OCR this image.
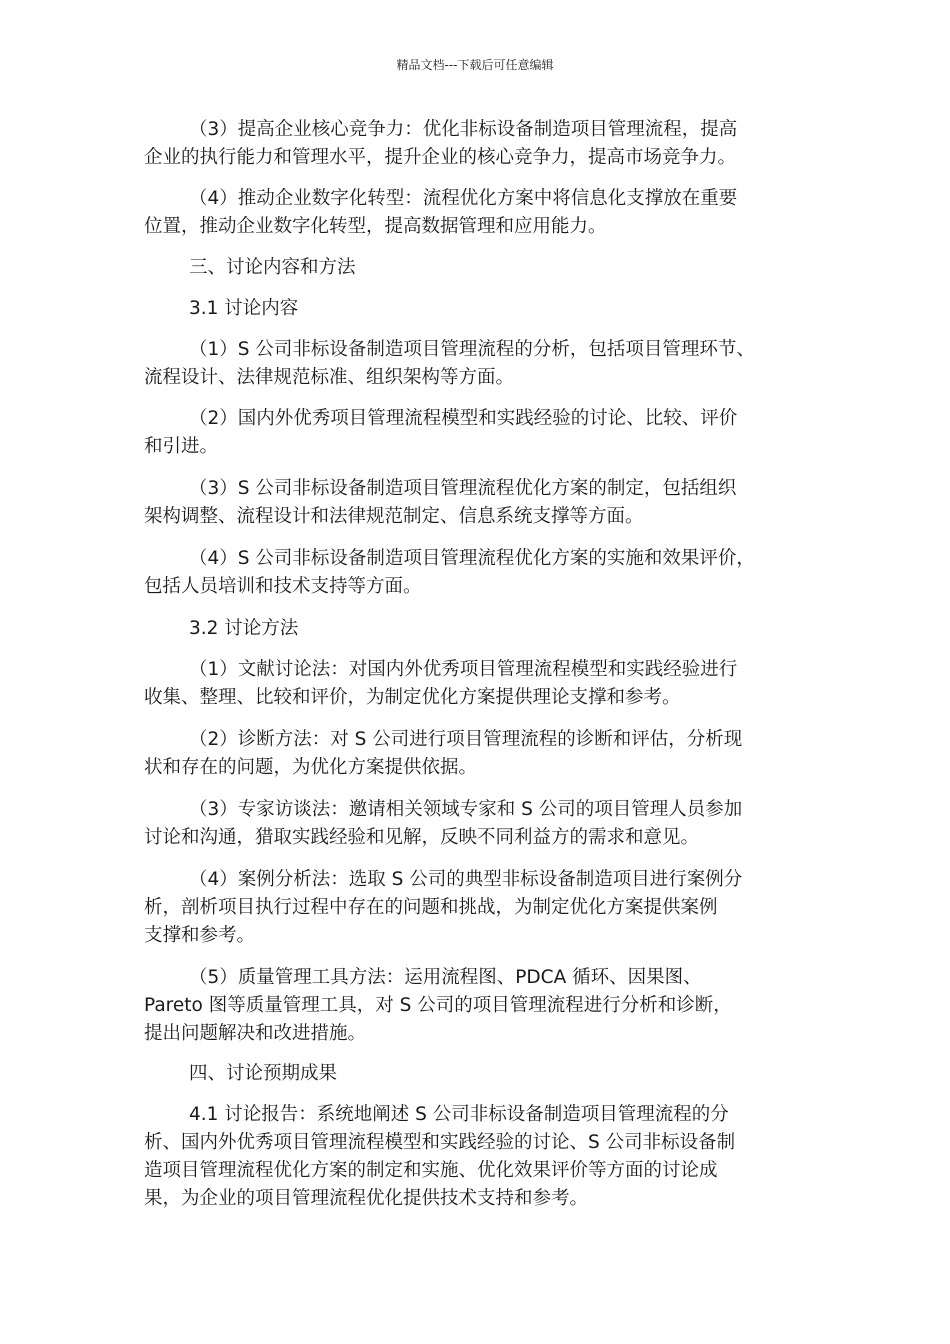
精品文档---下载后可任意编辑
（3）提高企业核心竞争力：优化非标设备制造项目管理流程，提高
企业的执行能力和管理水平，提升企业的核心竞争力，提高市场竞争力。
（4）推动企业数字化转型：流程优化方案中将信息化支撑放在重要
位置，推动企业数字化转型，提高数据管理和应用能力。
三、讨论内容和方法
3.1 讨论内容
（1）S 公司非标设备制造项目管理流程的分析，包括项目管理环节、
流程设计、法律规范标准、组织架构等方面。
（2）国内外优秀项目管理流程模型和实践经验的讨论、比较、评价
和引进。
（3）S 公司非标设备制造项目管理流程优化方案的制定，包括组织
架构调整、流程设计和法律规范制定、信息系统支撑等方面。
（4）S 公司非标设备制造项目管理流程优化方案的实施和效果评价，
包括人员培训和技术支持等方面。
3.2 讨论方法
（1）文献讨论法：对国内外优秀项目管理流程模型和实践经验进行
收集、整理、比较和评价，为制定优化方案提供理论支撑和参考。
（2）诊断方法：对 S 公司进行项目管理流程的诊断和评估，分析现
状和存在的问题，为优化方案提供依据。
（3）专家访谈法：邀请相关领域专家和 S 公司的项目管理人员参加
讨论和沟通，猎取实践经验和见解，反映不同利益方的需求和意见。
（4）案例分析法：选取 S 公司的典型非标设备制造项目进行案例分
析，剖析项目执行过程中存在的问题和挑战，为制定优化方案提供案例
支撑和参考。
（5）质量管理工具方法：运用流程图、PDCA 循环、因果图、
Pareto 图等质量管理工具，对 S 公司的项目管理流程进行分析和诊断，
提出问题解决和改进措施。
四、讨论预期成果
4.1 讨论报告：系统地阐述 S 公司非标设备制造项目管理流程的分
析、国内外优秀项目管理流程模型和实践经验的讨论、S 公司非标设备制
造项目管理流程优化方案的制定和实施、优化效果评价等方面的讨论成
果，为企业的项目管理流程优化提供技术支持和参考。
